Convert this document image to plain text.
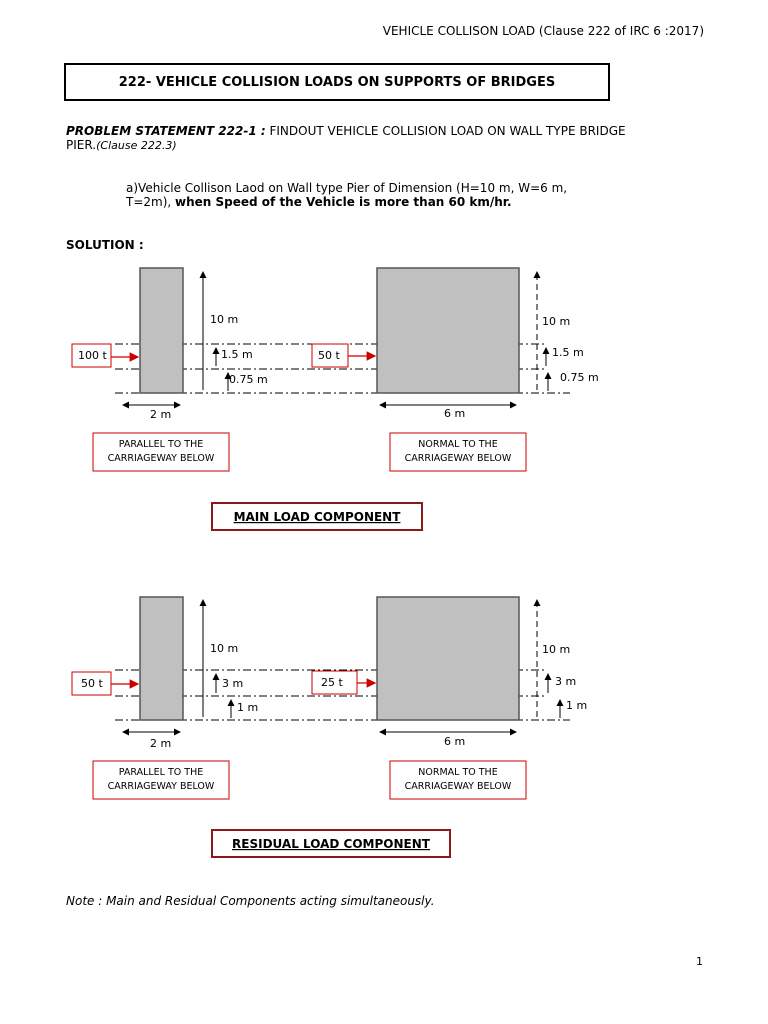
VEHICLE COLLISON LOAD (Clause 222 of IRC 6 :2017)
222- VEHICLE COLLISION LOADS ON SUPPORTS OF BRIDGES
PROBLEM STATEMENT 222-1 : FINDOUT VEHICLE COLLISION LOAD ON WALL TYPE BRIDGE PIER.(Clause 222.3)
a)Vehicle Collison Laod on Wall type Pier of Dimension (H=10 m, W=6 m, T=2m), when Speed of the Vehicle is more than 60 km/hr.
SOLUTION :
10 m
1.5 m
0.75 m
2 m
100 t
PARALLEL TO THE
CARRIAGEWAY BELOW
10 m
1.5 m
0.75 m
6 m
50 t
NORMAL TO THE
CARRIAGEWAY BELOW
MAIN LOAD COMPONENT
10 m
3 m
1 m
2 m
50 t
PARALLEL TO THE
CARRIAGEWAY BELOW
10 m
3 m
1 m
6 m
25 t
NORMAL TO THE
CARRIAGEWAY BELOW
RESIDUAL LOAD COMPONENT
Note : Main and Residual Components acting simultaneously.
1
